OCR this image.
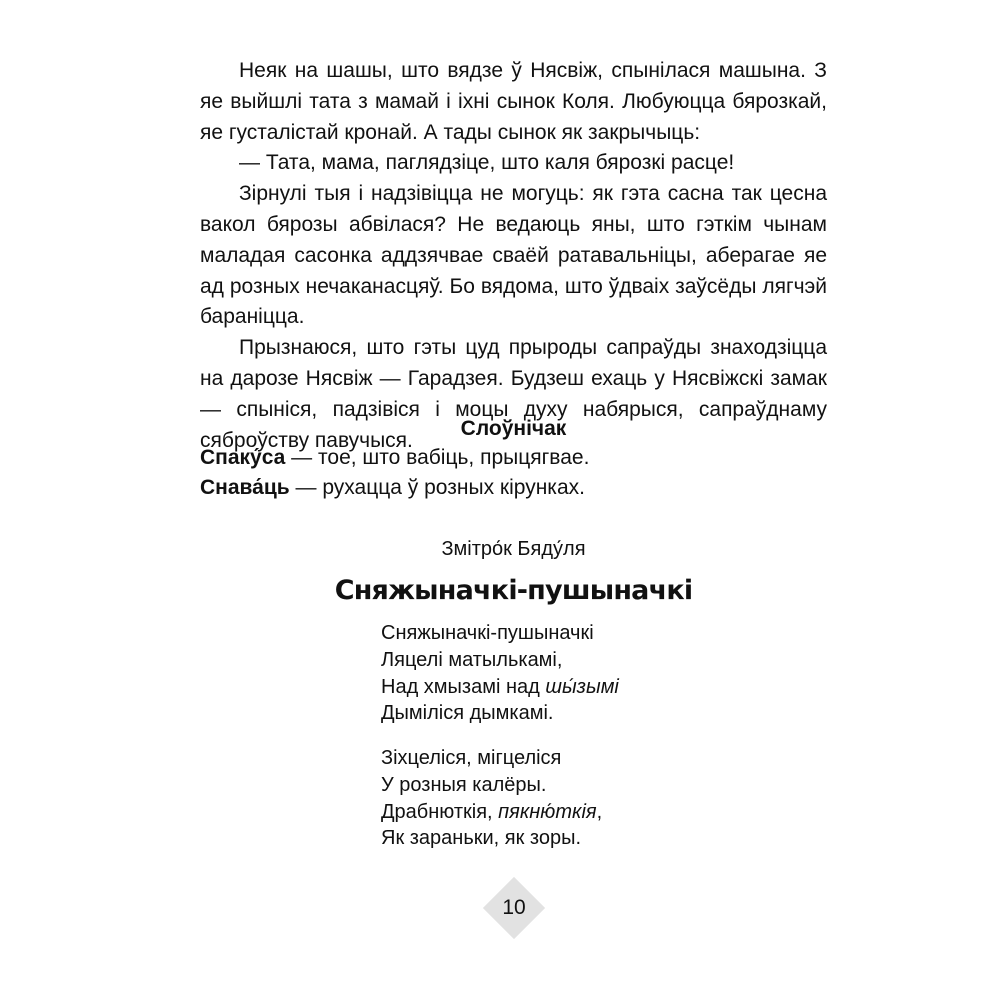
Неяк на шашы, што вядзе ў Нясвіж, спынілася машына. З яе выйшлі тата з мамай і іхні сынок Коля. Любуюцца бярозкай, яе густалістай кронай. А тады сынок як закрычыць:

— Тата, мама, паглядзіце, што каля бярозкі расце!

Зірнулі тыя і надзівіцца не могуць: як гэта сасна так цесна вакол бярозы абвілася? Не ведаюць яны, што гэткім чынам маладая сасонка аддзячвае сваёй ратавальніцы, аберагае яе ад розных нечаканасцяў. Бо вядома, што ўдваіх заўсёды лягчэй бараніцца.

Прызнаюся, што гэты цуд прыроды сапраўды знаходзіцца на дарозе Нясвіж — Гарадзея. Будзеш ехаць у Нясвіжскі замак — спыніся, падзівіся і моцы духу набярыся, сапраўднаму сяброўству павучыся.

Слоўнічак
Спаку́са — тое, што вабіць, прыцягвае.
Снава́ць — рухацца ў розных кірунках.
Змітро́к Бяду́ля
Сняжыначкі-пушыначкі
Сняжыначкі-пушыначкі
Ляцелі матылькамі,
Над хмызамі над шы́зымі
Дыміліся дымкамі.
Зіхцеліся, мігцеліся
У розныя калёры.
Драбнюткія, пякню́ткія,
Як зараньки, як зоры.
10
